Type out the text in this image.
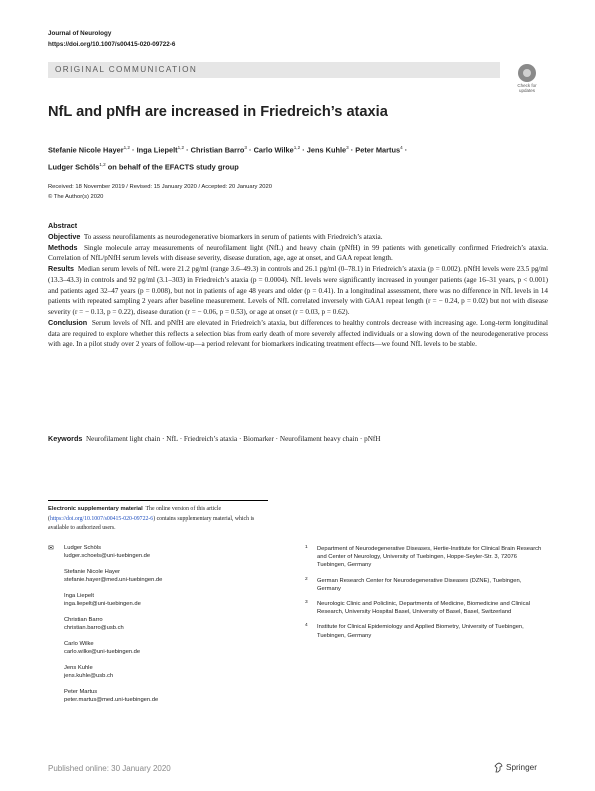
Journal of Neurology
https://doi.org/10.1007/s00415-020-09722-6
ORIGINAL COMMUNICATION
Check for updates
NfL and pNfH are increased in Friedreich’s ataxia
Stefanie Nicole Hayer$^{1,2}$ · Inga Liepelt$^{1,2}$ · Christian Barro$^3$ · Carlo Wilke$^{1,2}$ · Jens Kuhle$^3$ · Peter Martus$^4$ ·
Ludger Schöls$^{1,2}$ on behalf of the EFACTS study group
Received: 18 November 2019 / Revised: 15 January 2020 / Accepted: 20 January 2020
© The Author(s) 2020

Abstract

Objective To assess neurofilaments as neurodegenerative biomarkers in serum of patients with Friedreich’s ataxia.

Methods Single molecule array measurements of neurofilament light (NfL) and heavy chain (pNfH) in 99 patients with genetically confirmed Friedreich’s ataxia. Correlation of NfL/pNfH serum levels with disease severity, disease duration, age, age at onset, and GAA repeat length.

Results Median serum levels of NfL were 21.2 pg/ml (range 3.6–49.3) in controls and 26.1 pg/ml (0–78.1) in Friedreich’s ataxia (p = 0.002). pNfH levels were 23.5 pg/ml (13.3–43.3) in controls and 92 pg/ml (3.1–303) in Friedreich’s ataxia (p = 0.0004). NfL levels were significantly increased in younger patients (age 16–31 years, p < 0.001) and patients aged 32–47 years (p = 0.008), but not in patients of age 48 years and older (p = 0.41). In a longitudinal assessment, there was no difference in NfL levels in 14 patients with repeated sampling 2 years after baseline measurement. Levels of NfL correlated inversely with GAA1 repeat length (r = − 0.24, p = 0.02) but not with disease severity (r = − 0.13, p = 0.22), disease duration (r = − 0.06, p = 0.53), or age at onset (r = 0.03, p = 0.62).

Conclusion Serum levels of NfL and pNfH are elevated in Friedreich’s ataxia, but differences to healthy controls decrease with increasing age. Long-term longitudinal data are required to explore whether this reflects a selection bias from early death of more severely affected individuals or a slowing down of the neurodegenerative process with age. In a pilot study over 2 years of follow-up—a period relevant for biomarkers indicating treatment effects—we found NfL levels to be stable.

Keywords Neurofilament light chain · NfL · Friedreich’s ataxia · Biomarker · Neurofilament heavy chain · pNfH
Electronic supplementary material The online version of this article (https://doi.org/10.1007/s00415-020-09722-6) contains supplementary material, which is available to authorized users.
✉	Ludger Schöls
ludger.schoels@uni-tuebingen.de
Stefanie Nicole Hayer
stefanie.hayer@med.uni-tuebingen.de
Inga Liepelt
inga.liepelt@uni-tuebingen.de
Christian Barro
christian.barro@usb.ch
Carlo Wilke
carlo.wilke@uni-tuebingen.de
Jens Kuhle
jens.kuhle@usb.ch
Peter Martus
peter.martus@med.uni-tuebingen.de
1	Department of Neurodegenerative Diseases, Hertie-Institute for Clinical Brain Research and Center of Neurology, University of Tuebingen, Hoppe-Seyler-Str. 3, 72076 Tuebingen, Germany
2	German Research Center for Neurodegenerative Diseases (DZNE), Tuebingen, Germany
3	Neurologic Clinic and Policlinic, Departments of Medicine, Biomedicine and Clinical Research, University Hospital Basel, University of Basel, Basel, Switzerland
4	Institute for Clinical Epidemiology and Applied Biometry, University of Tuebingen, Tuebingen, Germany
Published online: 30 January 2020	Springer
